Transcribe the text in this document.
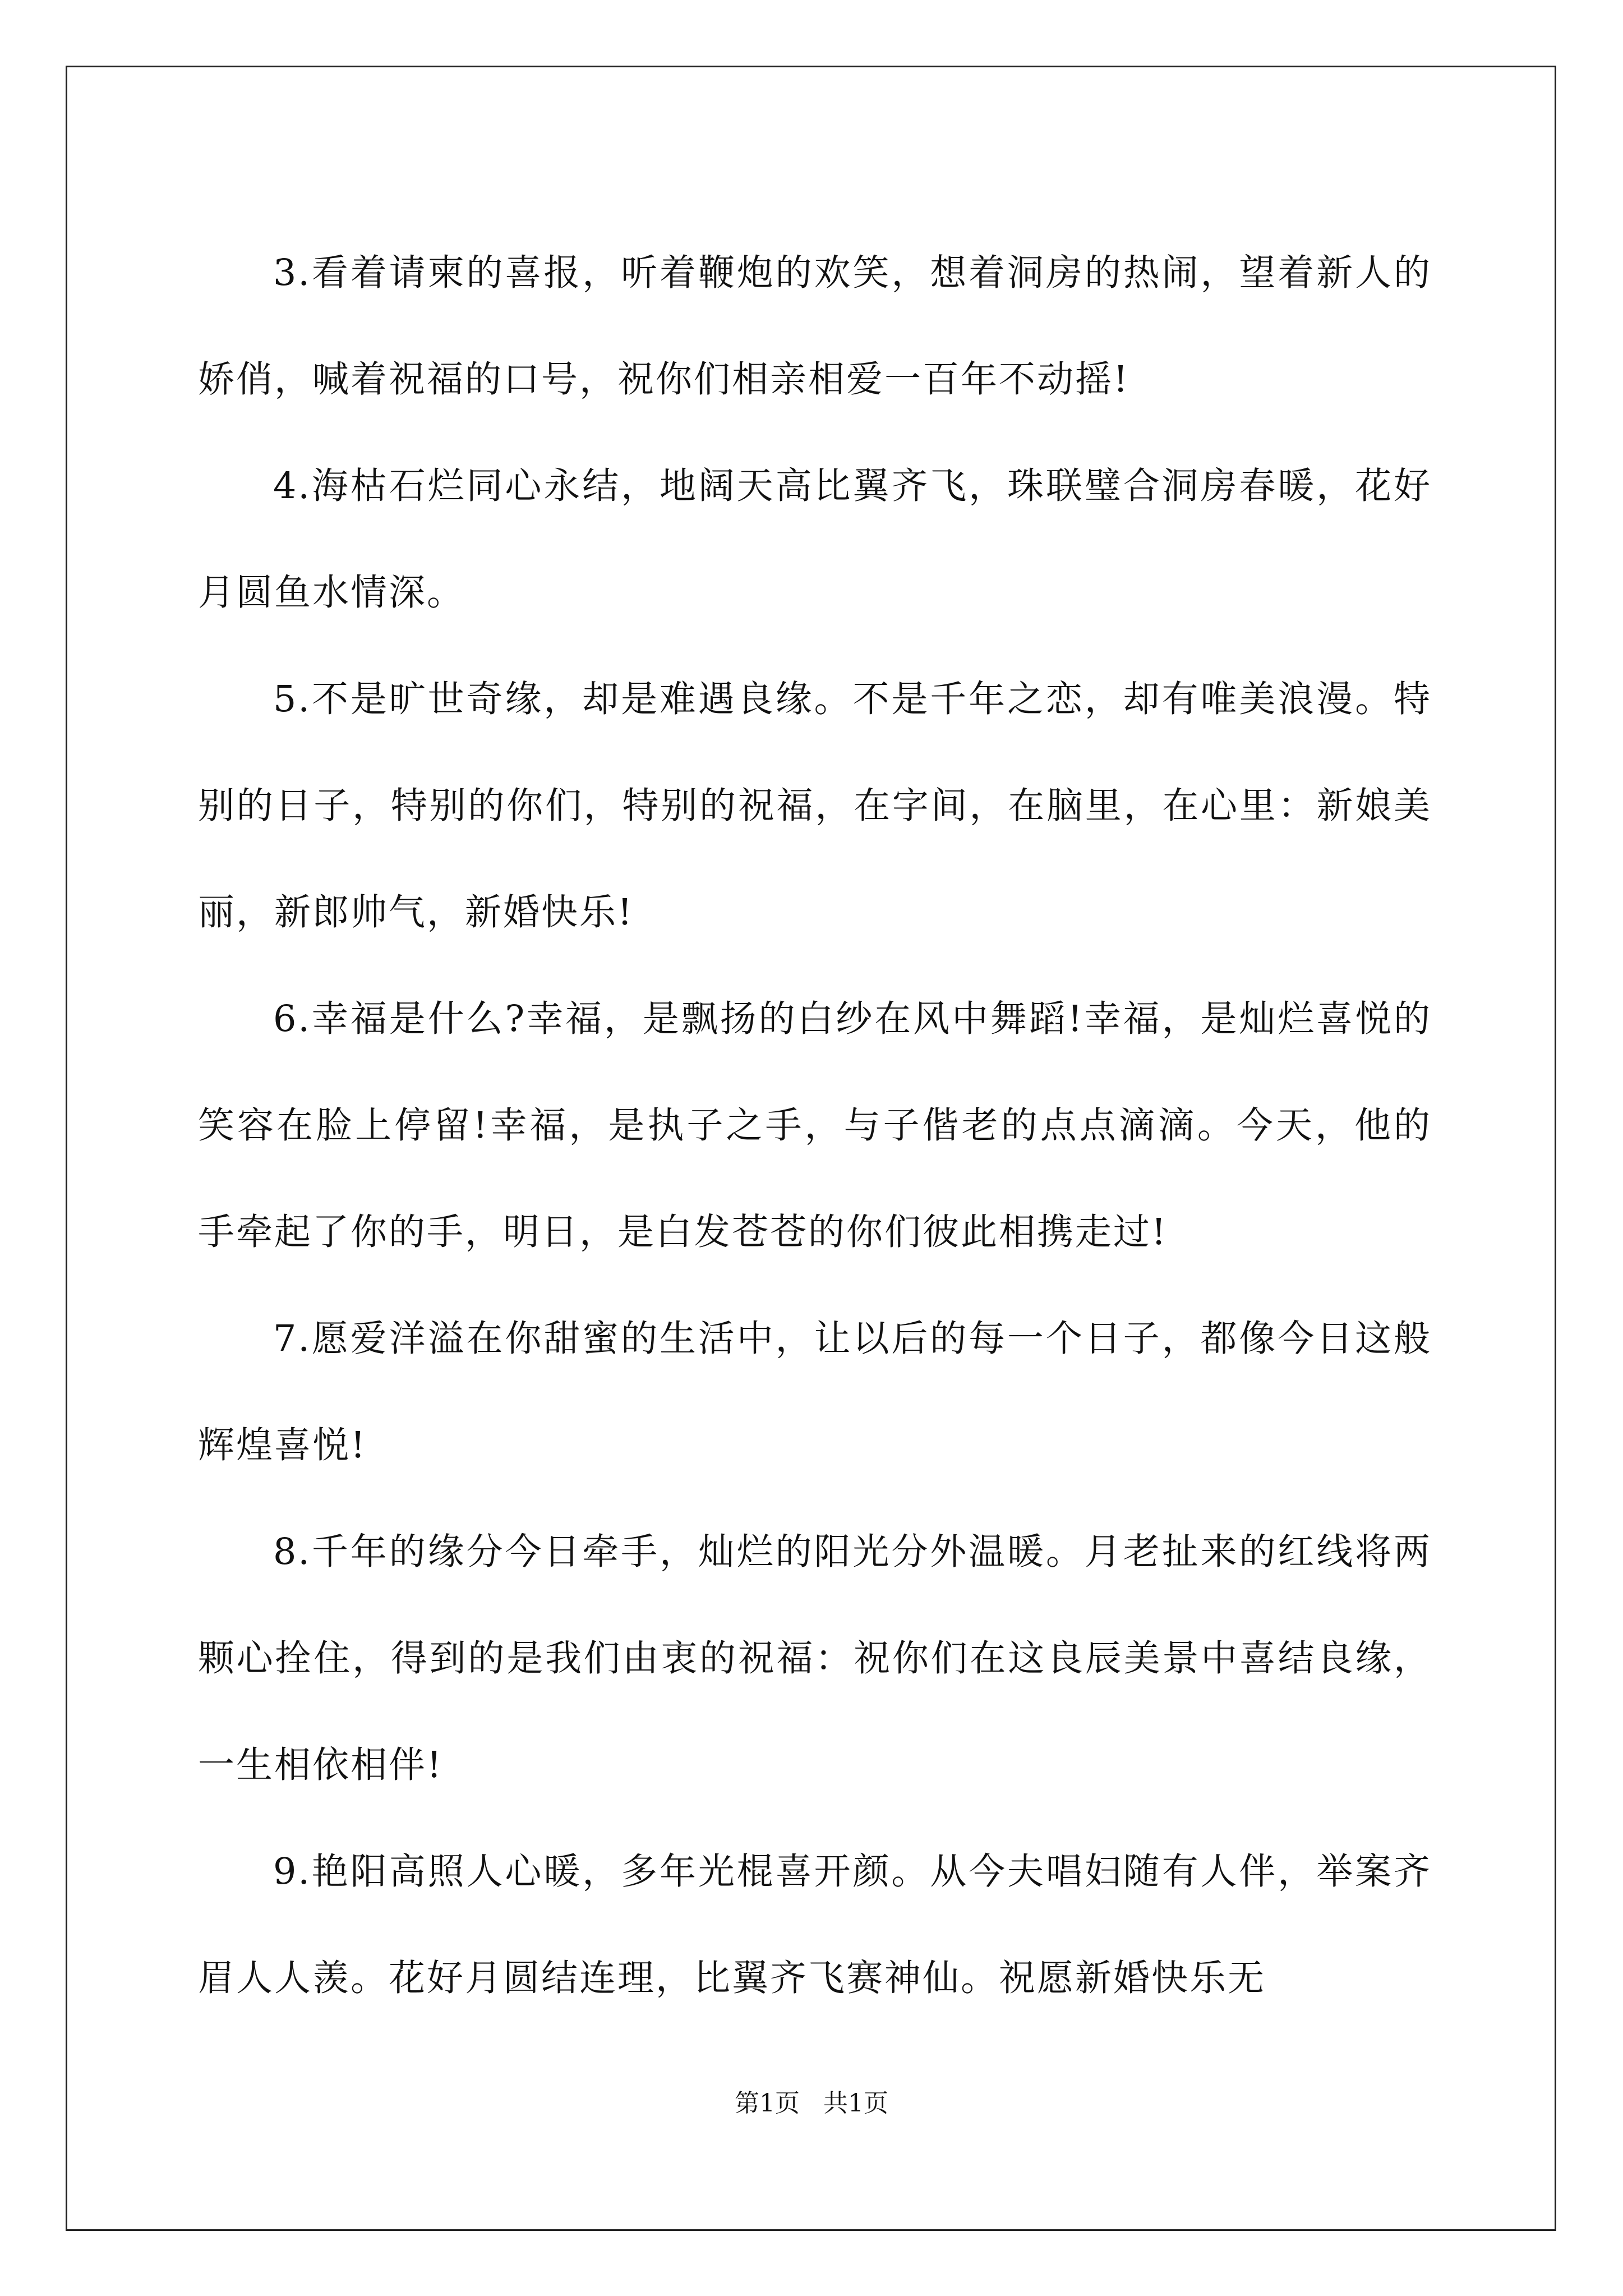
3.看着请柬的喜报，听着鞭炮的欢笑，想着洞房的热闹，望着新人的娇俏，喊着祝福的口号，祝你们相亲相爱一百年不动摇!

4.海枯石烂同心永结，地阔天高比翼齐飞，珠联璧合洞房春暖，花好月圆鱼水情深。

5.不是旷世奇缘，却是难遇良缘。不是千年之恋，却有唯美浪漫。特别的日子，特别的你们，特别的祝福，在字间，在脑里，在心里：新娘美丽，新郎帅气，新婚快乐!

6.幸福是什么?幸福，是飘扬的白纱在风中舞蹈!幸福，是灿烂喜悦的笑容在脸上停留!幸福，是执子之手，与子偕老的点点滴滴。今天，他的手牵起了你的手，明日，是白发苍苍的你们彼此相携走过!

7.愿爱洋溢在你甜蜜的生活中，让以后的每一个日子，都像今日这般辉煌喜悦!

8.千年的缘分今日牵手，灿烂的阳光分外温暖。月老扯来的红线将两颗心拴住，得到的是我们由衷的祝福：祝你们在这良辰美景中喜结良缘，一生相依相伴!

9.艳阳高照人心暖，多年光棍喜开颜。从今夫唱妇随有人伴，举案齐眉人人羡。花好月圆结连理，比翼齐飞赛神仙。祝愿新婚快乐无

第1页   共1页
